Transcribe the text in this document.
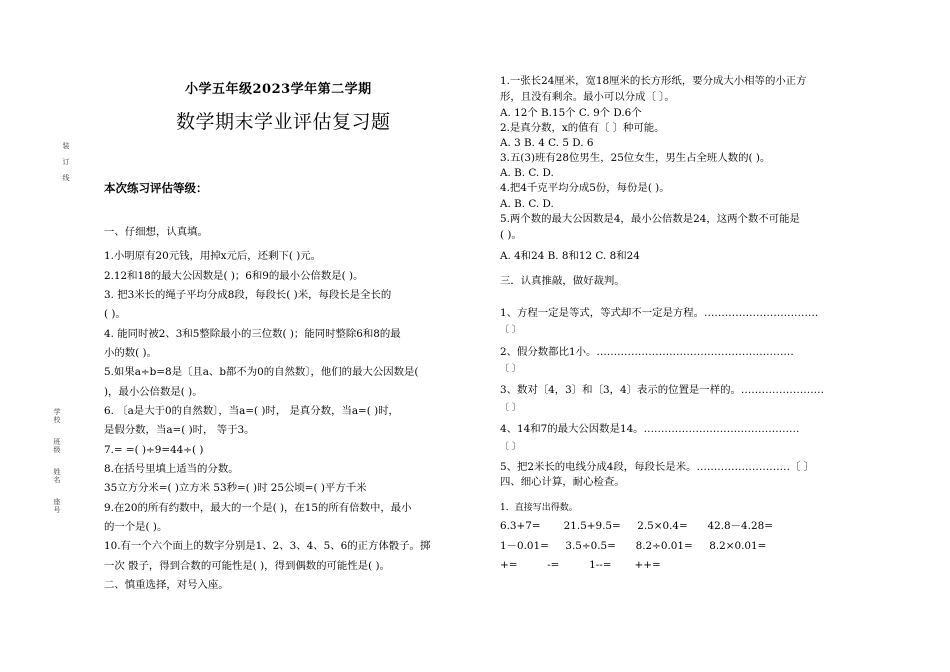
装
订
线
学
校
班
级
姓
名
座
号
小学五年级2023学年第二学期
数学期末学业评估复习题
本次练习评估等级：
一、仔细想，认真填。
1.小明原有20元钱，用掉x元后，还剩下( )元。
2.12和18的最大公因数是( )；6和9的最小公倍数是( )。
3. 把3米长的绳子平均分成8段，每段长( )米，每段长是全长的
( )。
4. 能同时被2、3和5整除最小的三位数( )；能同时整除6和8的最
小的数( )。
5.如果a÷b=8是〔且a、b都不为0的自然数〕，他们的最大公因数是(
)，最小公倍数是( )。
6. 〔a是大于0的自然数〕，当a=( )时， 是真分数，当a=( )时，
是假分数，当a=( )时， 等于3。
7.= =( )÷9=44÷( )
8.在括号里填上适当的分数。
35立方分米=( )立方米 53秒=( )时 25公顷=( )平方千米
9.在20的所有约数中，最大的一个是( )，在15的所有倍数中，最小
的一个是( )。
10.有一个六个面上的数字分别是1、2、3、4、5、6的正方体骰子。掷
一次 骰子，得到合数的可能性是( )，得到偶数的可能性是( )。
二、慎重选择，对号入座。
1.一张长24厘米，宽18厘米的长方形纸，要分成大小相等的小正方
形，且没有剩余。最小可以分成〔 〕。
A. 12个 B.15个 C. 9个 D.6个
2.是真分数，x的值有〔 〕种可能。
A. 3 B. 4 C. 5 D. 6
3.五(3)班有28位男生，25位女生，男生占全班人数的( )。
A. B. C. D.
4.把4千克平均分成5份，每份是( )。
A. B. C. D.
5.两个数的最大公因数是4，最小公倍数是24，这两个数不可能是
( )。
A. 4和24 B. 8和12 C. 8和24
三．认真推敲，做好裁判。
1、方程一定是等式，等式却不一定是方程。……………………………
〔 〕
2、假分数都比1小。…………………………………………………
〔 〕
3、数对〔4，3〕和〔3，4〕表示的位置是一样的。……………………
〔 〕
4、14和7的最大公因数是14。………………………………………
〔 〕
5、把2米长的电线分成4段，每段长是米。………………………〔 〕
四、细心计算，耐心检查。
1．直接写出得数。
6.3+7=       21.5+9.5=     2.5×0.4=      42.8－4.28=
1－0.01=     3.5÷0.5=      8.2÷0.01=     8.2×0.01=
+=         -=         1--=       ++=
